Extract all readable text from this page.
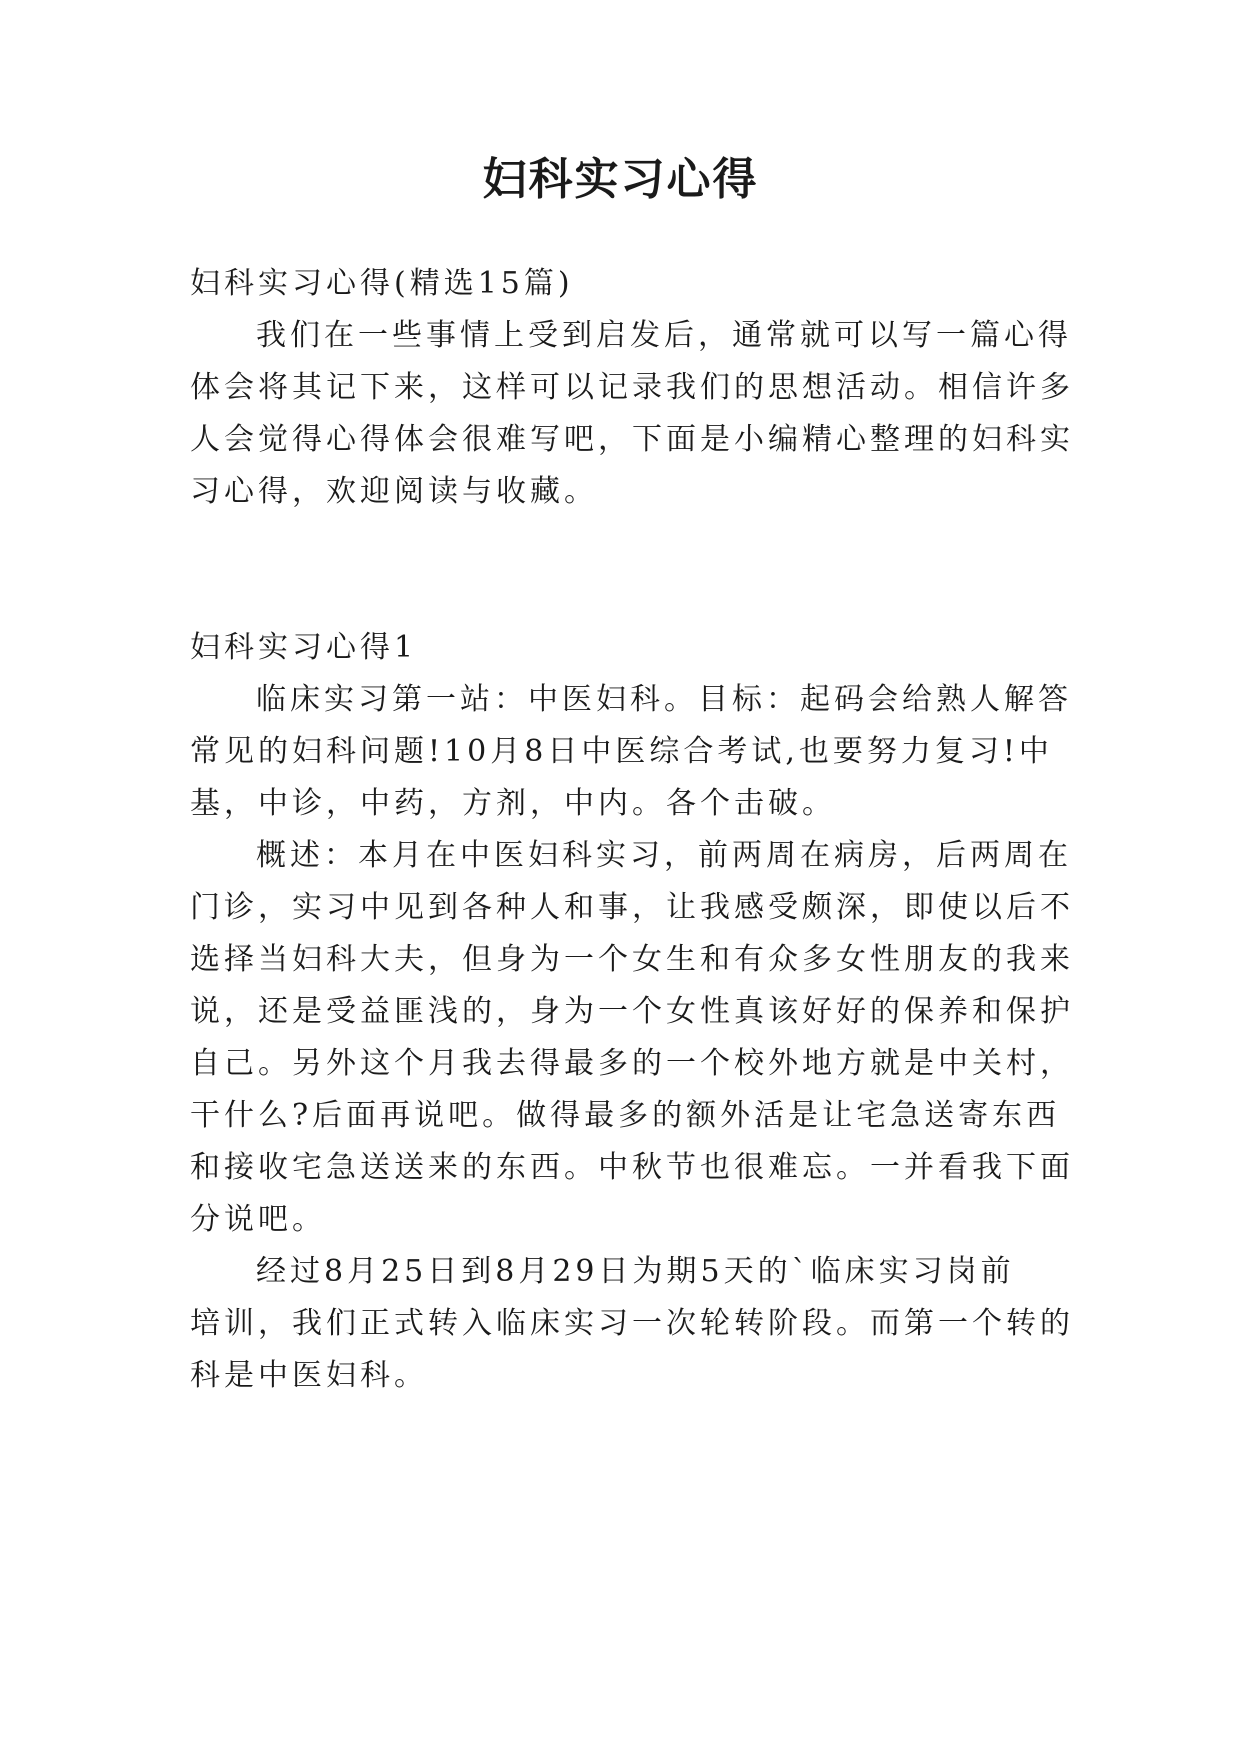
妇科实习心得
妇科实习心得(精选15篇)
我们在一些事情上受到启发后，通常就可以写一篇心得
体会将其记下来，这样可以记录我们的思想活动。相信许多
人会觉得心得体会很难写吧，下面是小编精心整理的妇科实
习心得，欢迎阅读与收藏。
妇科实习心得1
临床实习第一站：中医妇科。目标：起码会给熟人解答
常见的妇科问题!10月8日中医综合考试,也要努力复习!中
基，中诊，中药，方剂，中内。各个击破。
概述：本月在中医妇科实习，前两周在病房，后两周在
门诊，实习中见到各种人和事，让我感受颇深，即使以后不
选择当妇科大夫，但身为一个女生和有众多女性朋友的我来
说，还是受益匪浅的，身为一个女性真该好好的保养和保护
自己。另外这个月我去得最多的一个校外地方就是中关村，
干什么?后面再说吧。做得最多的额外活是让宅急送寄东西
和接收宅急送送来的东西。中秋节也很难忘。一并看我下面
分说吧。
经过8月25日到8月29日为期5天的`临床实习岗前
培训，我们正式转入临床实习一次轮转阶段。而第一个转的
科是中医妇科。
